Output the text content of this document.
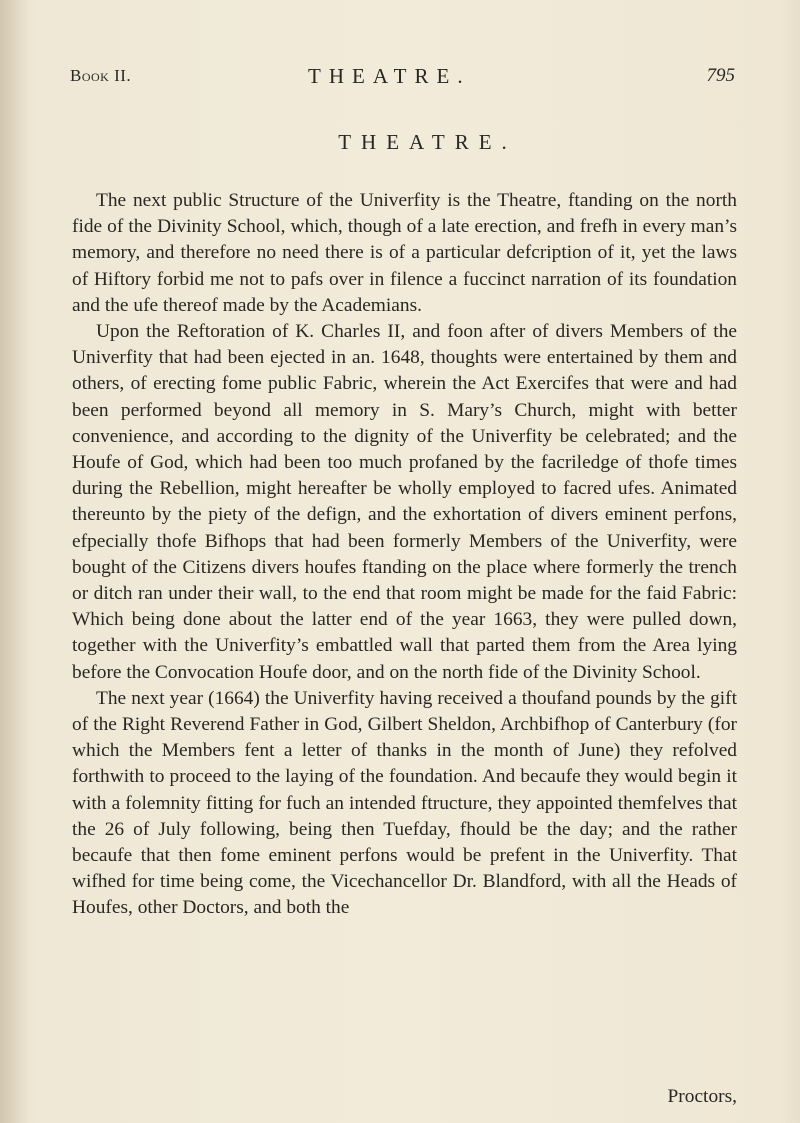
Book II.	THEATRE.	795
THEATRE.

The next public Structure of the Univerfity is the Theatre, ftanding on the north fide of the Divinity School, which, though of a late erection, and frefh in every man’s memory, and therefore no need there is of a particular defcription of it, yet the laws of Hiftory forbid me not to pafs over in filence a fuccinct narration of its foundation and the ufe thereof made by the Academians.

Upon the Reftoration of K. Charles II, and foon after of divers Members of the Univerfity that had been ejected in an. 1648, thoughts were entertained by them and others, of erecting fome public Fabric, wherein the Act Exercifes that were and had been performed beyond all memory in S. Mary’s Church, might with better convenience, and according to the dignity of the Univerfity be celebrated; and the Houfe of God, which had been too much profaned by the facriledge of thofe times during the Rebellion, might hereafter be wholly employed to facred ufes. Animated thereunto by the piety of the defign, and the exhortation of divers eminent perfons, efpecially thofe Bifhops that had been formerly Members of the Univerfity, were bought of the Citizens divers houfes ftanding on the place where formerly the trench or ditch ran under their wall, to the end that room might be made for the faid Fabric: Which being done about the latter end of the year 1663, they were pulled down, together with the Univerfity’s embattled wall that parted them from the Area lying before the Convocation Houfe door, and on the north fide of the Divinity School.

The next year (1664) the Univerfity having received a thoufand pounds by the gift of the Right Reverend Father in God, Gilbert Sheldon, Archbifhop of Canterbury (for which the Members fent a letter of thanks in the month of June) they refolved forthwith to proceed to the laying of the foundation. And becaufe they would begin it with a folemnity fitting for fuch an intended ftructure, they appointed themfelves that the 26 of July following, being then Tuefday, fhould be the day; and the rather becaufe that then fome eminent perfons would be prefent in the Univerfity. That wifhed for time being come, the Vicechancellor Dr. Blandford, with all the Heads of Houfes, other Doctors, and both the

Proctors,
